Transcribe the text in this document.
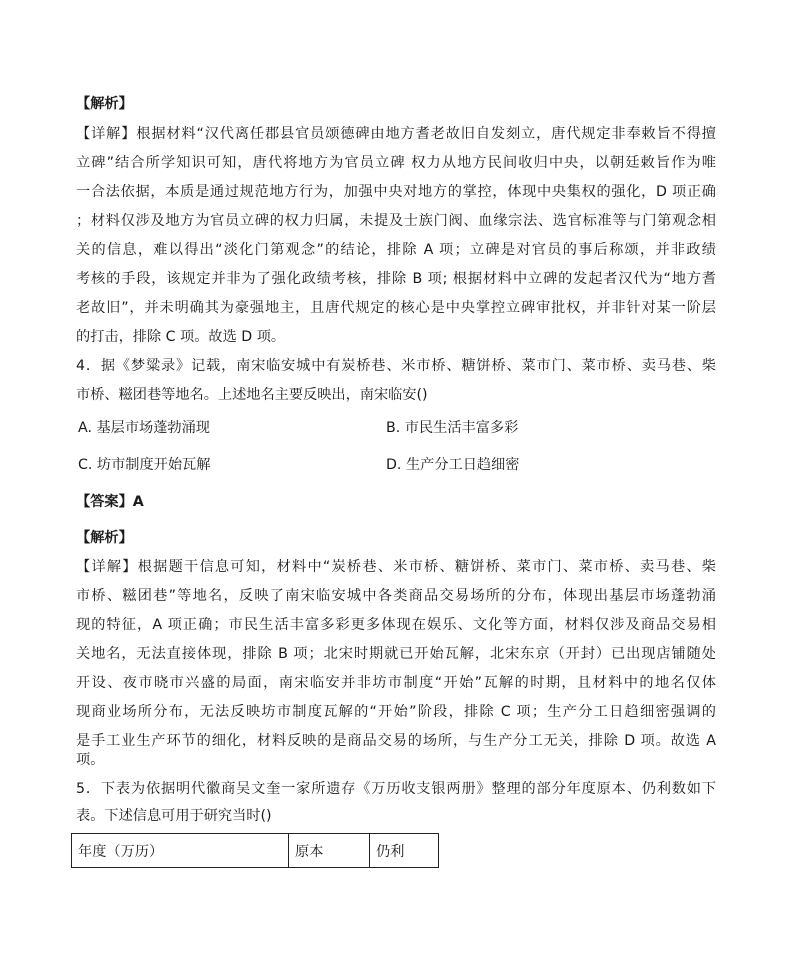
【解析】
【详解】根据材料“汉代离任郡县官员颂德碑由地方耆老故旧自发刻立，唐代规定非奉敕旨不得擅
立碑”结合所学知识可知，唐代将地方为官员立碑 权力从地方民间收归中央，以朝廷敕旨作为唯
一合法依据，本质是通过规范地方行为，加强中央对地方的掌控，体现中央集权的强化，D 项正确
；材料仅涉及地方为官员立碑的权力归属，未提及士族门阀、血缘宗法、选官标准等与门第观念相
关的信息，难以得出“淡化门第观念”的结论，排除 A 项；立碑是对官员的事后称颂，并非政绩
考核的手段，该规定并非为了强化政绩考核，排除 B 项; 根据材料中立碑的发起者汉代为“地方耆
老故旧”，并未明确其为豪强地主，且唐代规定的核心是中央掌控立碑审批权，并非针对某一阶层
的打击，排除 C 项。故选 D 项。
4．据《梦粱录》记载，南宋临安城中有炭桥巷、米市桥、糖饼桥、菜市门、菜市桥、卖马巷、柴
市桥、糍团巷等地名。上述地名主要反映出，南宋临安()
A. 基层市场蓬勃涌现	B. 市民生活丰富多彩
C. 坊市制度开始瓦解	D. 生产分工日趋细密
【答案】A
【解析】
【详解】根据题干信息可知，材料中“炭桥巷、米市桥、糖饼桥、菜市门、菜市桥、卖马巷、柴
市桥、糍团巷”等地名，反映了南宋临安城中各类商品交易场所的分布，体现出基层市场蓬勃涌
现的特征，A 项正确；市民生活丰富多彩更多体现在娱乐、文化等方面，材料仅涉及商品交易相
关地名，无法直接体现，排除 B 项；北宋时期就已开始瓦解，北宋东京（开封）已出现店铺随处
开设、夜市晓市兴盛的局面，南宋临安并非坊市制度“开始”瓦解的时期，且材料中的地名仅体
现商业场所分布，无法反映坊市制度瓦解的“开始”阶段，排除 C 项；生产分工日趋细密强调的
是手工业生产环节的细化，材料反映的是商品交易的场所，与生产分工无关，排除 D 项。故选 A
项。
5．下表为依据明代徽商吴文奎一家所遗存《万历收支银两册》整理的部分年度原本、仍利数如下
表。下述信息可用于研究当时()
年度（万历）	原本	仍利
